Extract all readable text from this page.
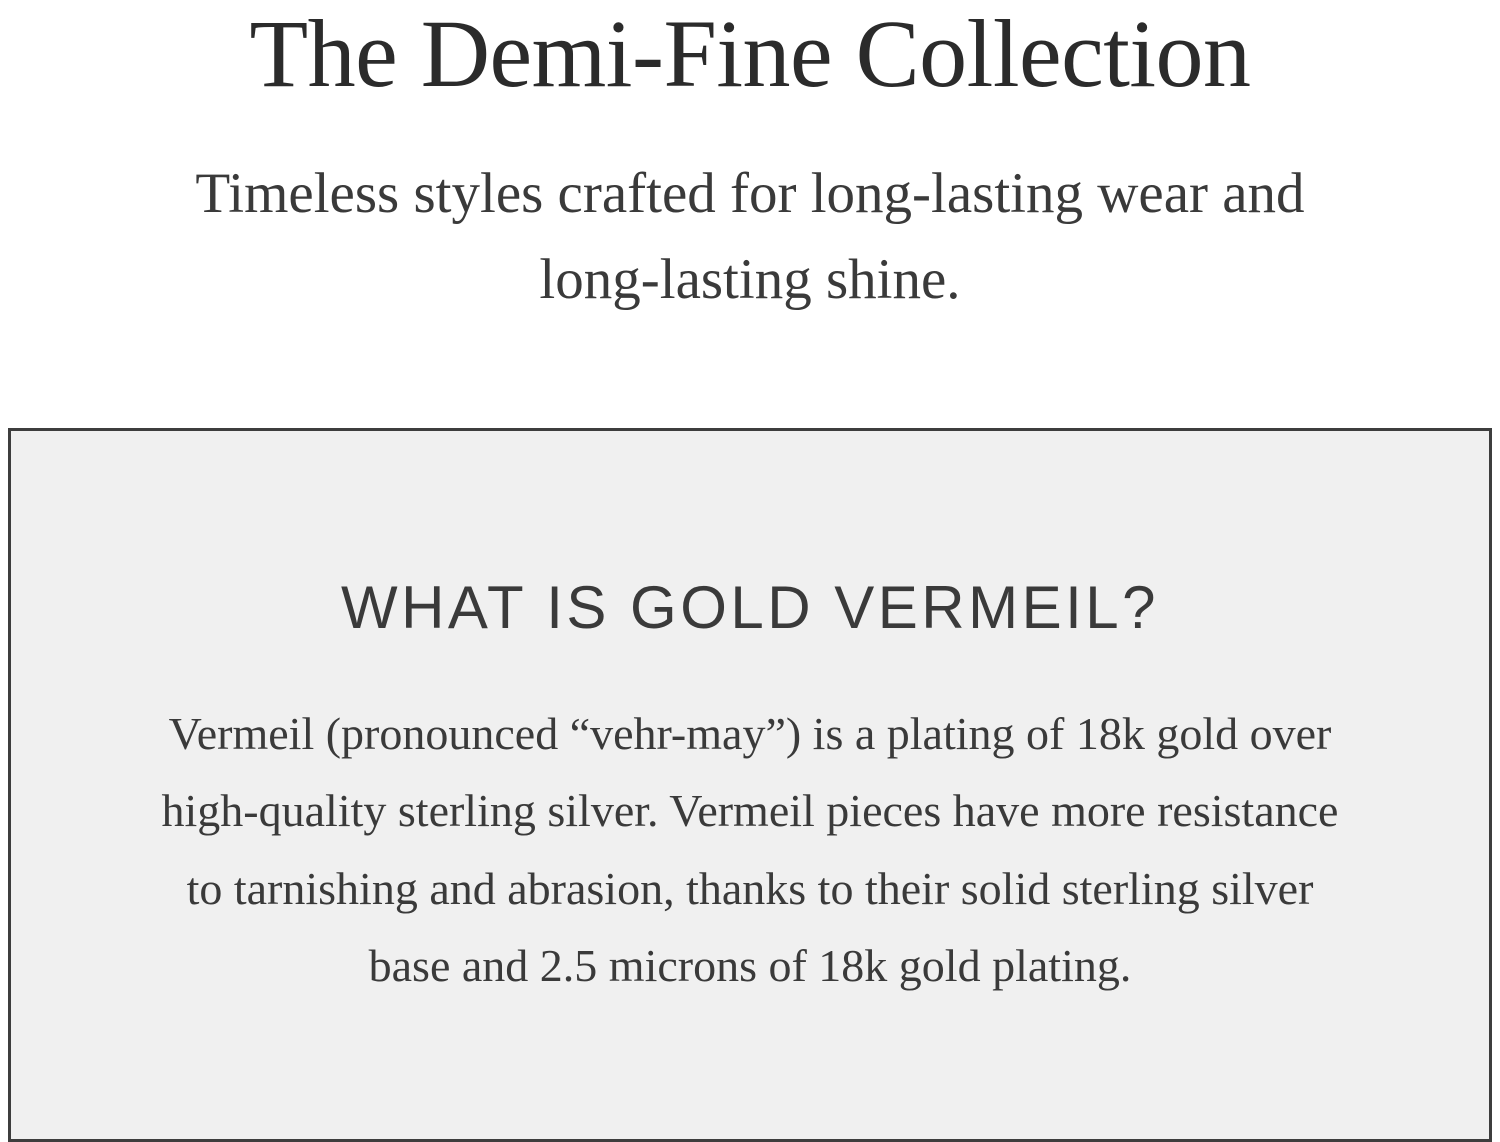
The Demi-Fine Collection

Timeless styles crafted for long-lasting wear and long-lasting shine.

WHAT IS GOLD VERMEIL?

Vermeil (pronounced “vehr-may”) is a plating of 18k gold over high-quality sterling silver. Vermeil pieces have more resistance to tarnishing and abrasion, thanks to their solid sterling silver base and 2.5 microns of 18k gold plating.
